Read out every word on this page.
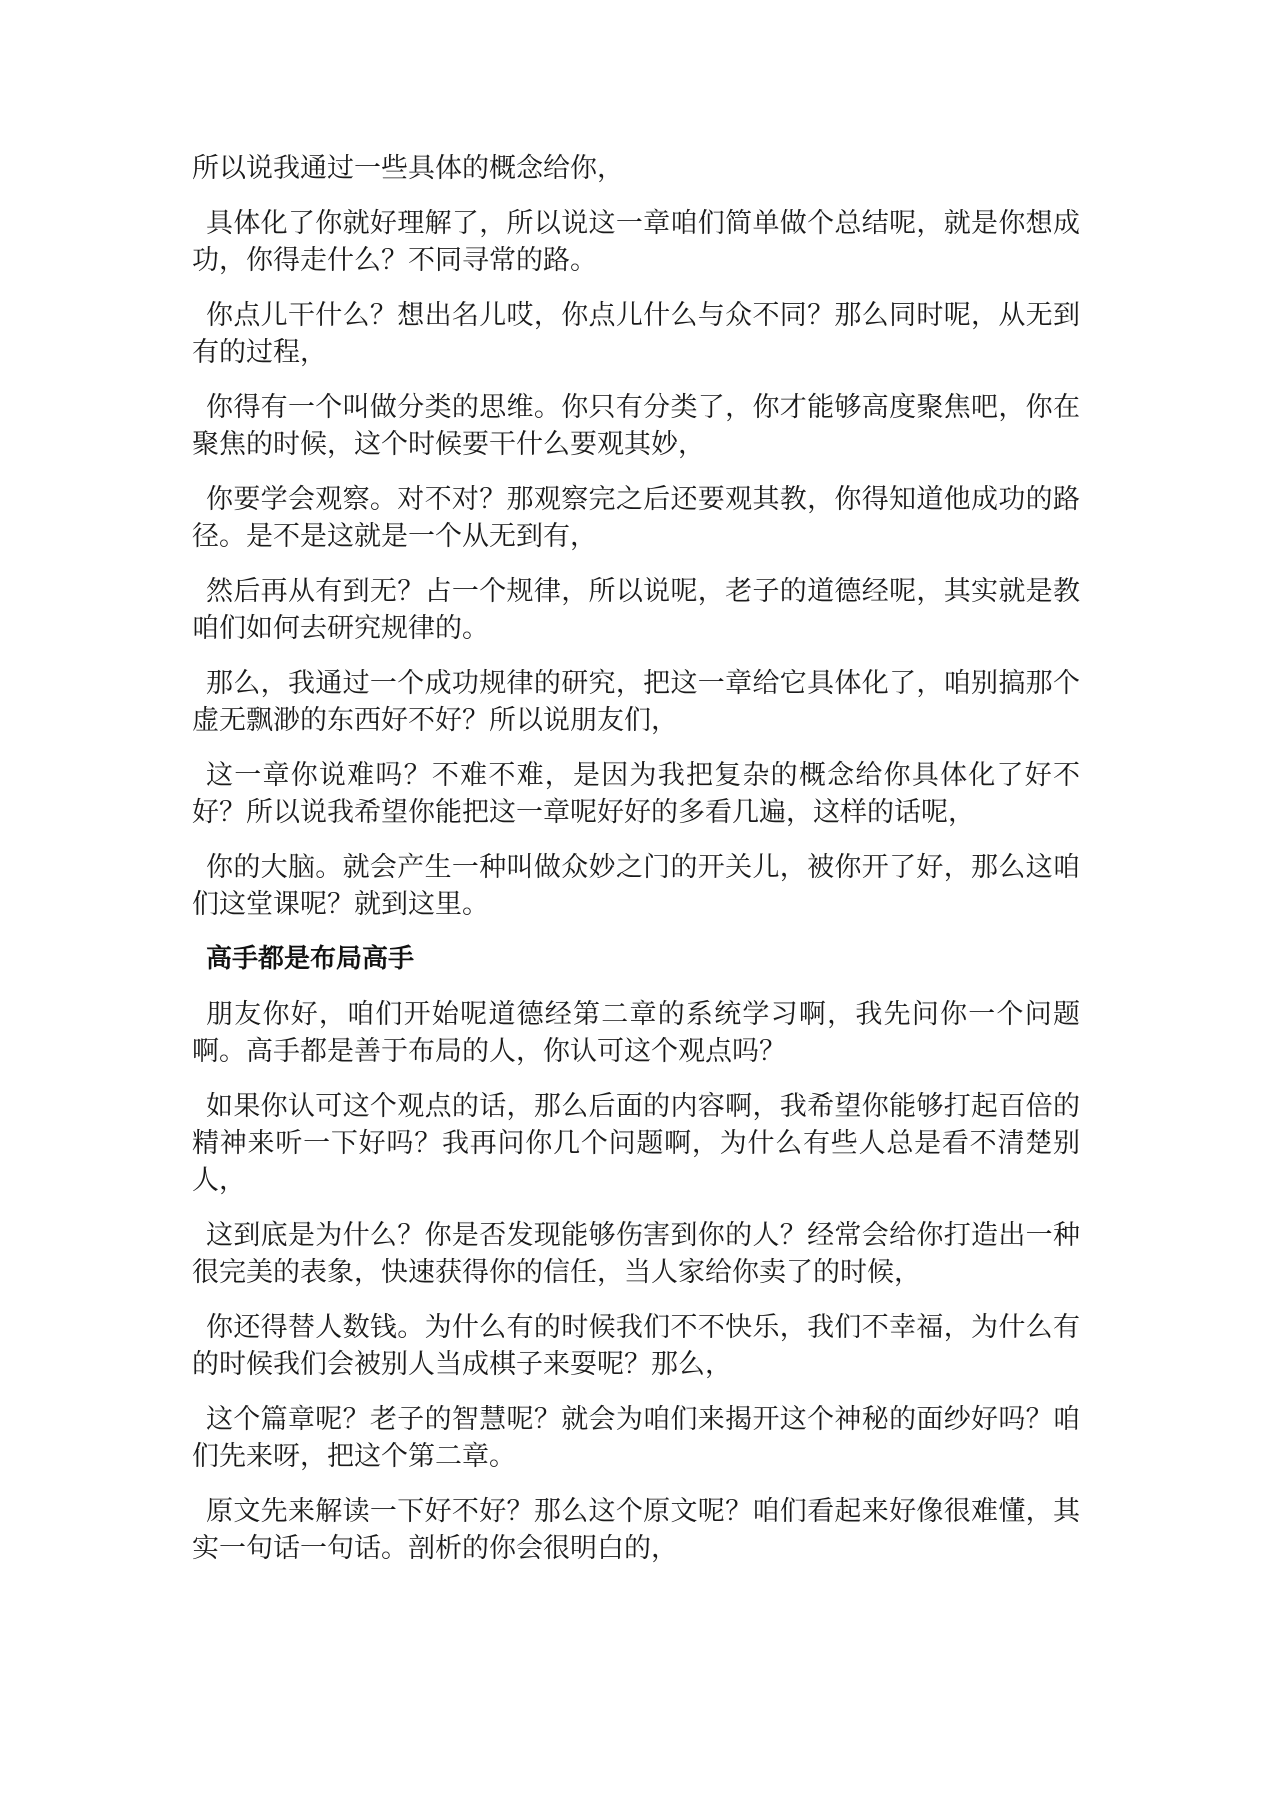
所以说我通过一些具体的概念给你，

具体化了你就好理解了，所以说这一章咱们简单做个总结呢，就是你想成功，你得走什么？不同寻常的路。

你点儿干什么？想出名儿哎，你点儿什么与众不同？那么同时呢，从无到有的过程，

你得有一个叫做分类的思维。你只有分类了，你才能够高度聚焦吧，你在聚焦的时候，这个时候要干什么要观其妙，

你要学会观察。对不对？那观察完之后还要观其教，你得知道他成功的路径。是不是这就是一个从无到有，

然后再从有到无？占一个规律，所以说呢，老子的道德经呢，其实就是教咱们如何去研究规律的。

那么，我通过一个成功规律的研究，把这一章给它具体化了，咱别搞那个虚无飘渺的东西好不好？所以说朋友们，

这一章你说难吗？不难不难，是因为我把复杂的概念给你具体化了好不好？所以说我希望你能把这一章呢好好的多看几遍，这样的话呢，

你的大脑。就会产生一种叫做众妙之门的开关儿，被你开了好，那么这咱们这堂课呢？就到这里。

高手都是布局高手

朋友你好，咱们开始呢道德经第二章的系统学习啊，我先问你一个问题啊。高手都是善于布局的人，你认可这个观点吗？

如果你认可这个观点的话，那么后面的内容啊，我希望你能够打起百倍的精神来听一下好吗？我再问你几个问题啊，为什么有些人总是看不清楚别人，

这到底是为什么？你是否发现能够伤害到你的人？经常会给你打造出一种很完美的表象，快速获得你的信任，当人家给你卖了的时候，

你还得替人数钱。为什么有的时候我们不不快乐，我们不幸福，为什么有的时候我们会被别人当成棋子来耍呢？那么，

这个篇章呢？老子的智慧呢？就会为咱们来揭开这个神秘的面纱好吗？咱们先来呀，把这个第二章。

原文先来解读一下好不好？那么这个原文呢？咱们看起来好像很难懂，其实一句话一句话。剖析的你会很明白的，
